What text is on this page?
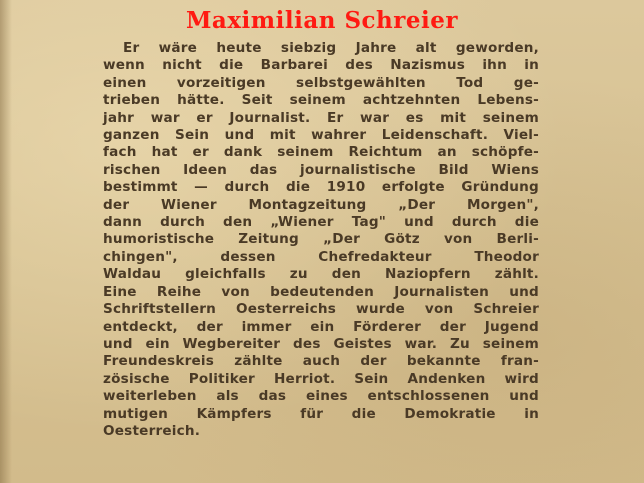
Maximilian Schreier
Er wäre heute siebzig Jahre alt geworden,
wenn nicht die Barbarei des Nazismus ihn in
einen vorzeitigen selbstgewählten Tod ge-
trieben hätte. Seit seinem achtzehnten Lebens-
jahr war er Journalist. Er war es mit seinem
ganzen Sein und mit wahrer Leidenschaft. Viel-
fach hat er dank seinem Reichtum an schöpfe-
rischen Ideen das journalistische Bild Wiens
bestimmt — durch die 1910 erfolgte Gründung
der Wiener Montagzeitung „Der Morgen",
dann durch den „Wiener Tag" und durch die
humoristische Zeitung „Der Götz von Berli-
chingen", dessen Chefredakteur Theodor
Waldau gleichfalls zu den Naziopfern zählt.
Eine Reihe von bedeutenden Journalisten und
Schriftstellern Oesterreichs wurde von Schreier
entdeckt, der immer ein Förderer der Jugend
und ein Wegbereiter des Geistes war. Zu seinem
Freundeskreis zählte auch der bekannte fran-
zösische Politiker Herriot. Sein Andenken wird
weiterleben als das eines entschlossenen und
mutigen Kämpfers für die Demokratie in
Oesterreich.
